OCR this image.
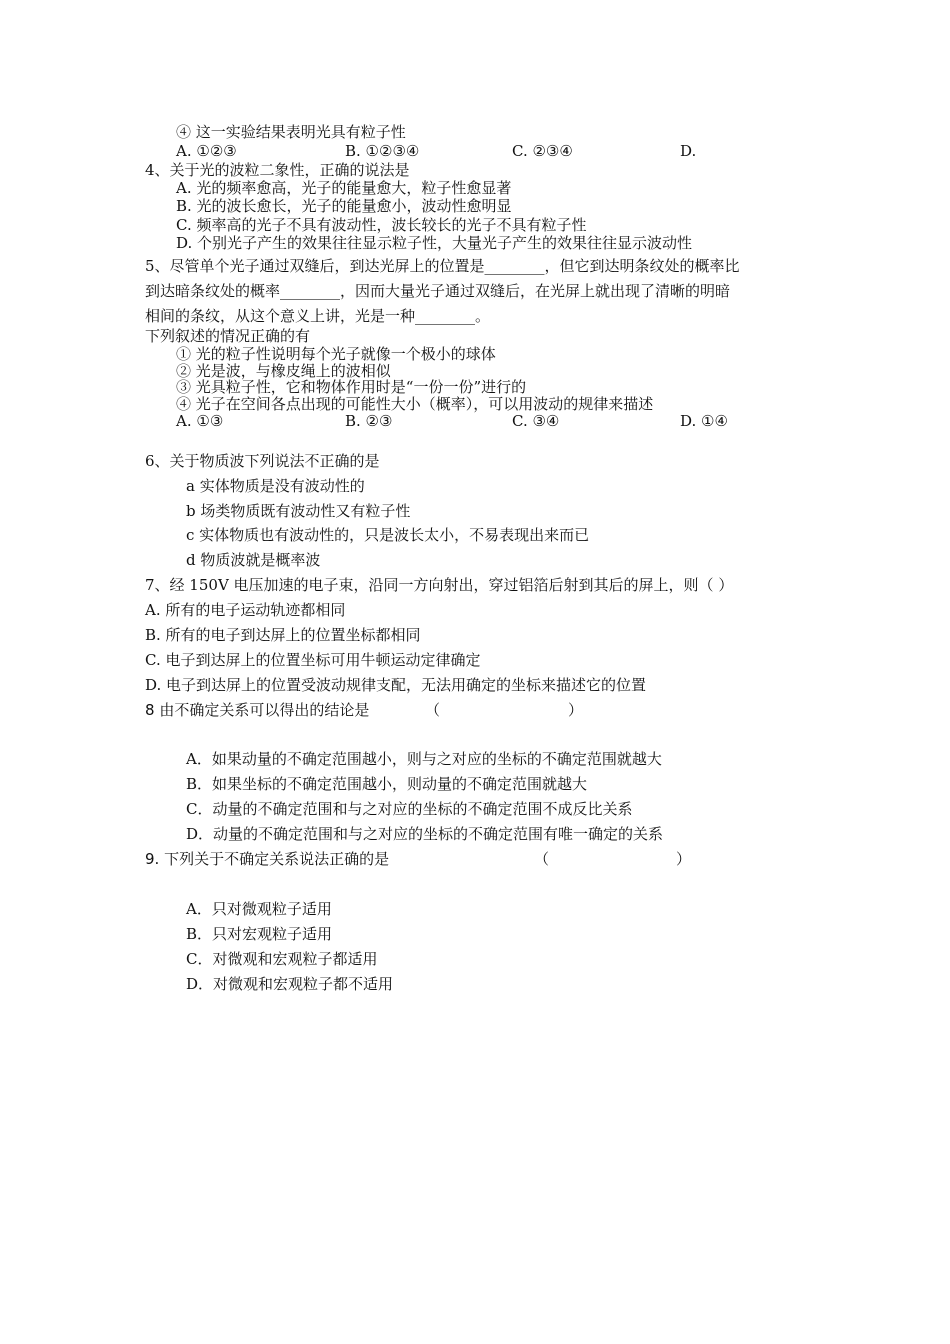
④ 这一实验结果表明光具有粒子性
A. ①②③	B. ①②③④	C. ②③④	D.
4、关于光的波粒二象性，正确的说法是
A. 光的频率愈高，光子的能量愈大，粒子性愈显著
B. 光的波长愈长，光子的能量愈小，波动性愈明显
C. 频率高的光子不具有波动性，波长较长的光子不具有粒子性
D. 个别光子产生的效果往往显示粒子性，大量光子产生的效果往往显示波动性
5、尽管单个光子通过双缝后，到达光屏上的位置是________，但它到达明条纹处的概率比
到达暗条纹处的概率________，因而大量光子通过双缝后，在光屏上就出现了清晰的明暗
相间的条纹，从这个意义上讲，光是一种________。
下列叙述的情况正确的有
① 光的粒子性说明每个光子就像一个极小的球体
② 光是波，与橡皮绳上的波相似
③ 光具粒子性，它和物体作用时是“一份一份”进行的
④ 光子在空间各点出现的可能性大小（概率），可以用波动的规律来描述
A. ①③	B. ②③	C. ③④	D. ①④
6、关于物质波下列说法不正确的是
a 实体物质是没有波动性的
b 场类物质既有波动性又有粒子性
c 实体物质也有波动性的，只是波长太小，不易表现出来而已
d 物质波就是概率波
7、经 150V 电压加速的电子束，沿同一方向射出，穿过铝箔后射到其后的屏上，则（ ）
A. 所有的电子运动轨迹都相同
B. 所有的电子到达屏上的位置坐标都相同
C. 电子到达屏上的位置坐标可用牛顿运动定律确定
D. 电子到达屏上的位置受波动规律支配，无法用确定的坐标来描述它的位置
8 由不确定关系可以得出的结论是	（	）
A．如果动量的不确定范围越小，则与之对应的坐标的不确定范围就越大
B．如果坐标的不确定范围越小，则动量的不确定范围就越大
C．动量的不确定范围和与之对应的坐标的不确定范围不成反比关系
D．动量的不确定范围和与之对应的坐标的不确定范围有唯一确定的关系
9. 下列关于不确定关系说法正确的是	（	）
A．只对微观粒子适用
B．只对宏观粒子适用
C．对微观和宏观粒子都适用
D．对微观和宏观粒子都不适用
